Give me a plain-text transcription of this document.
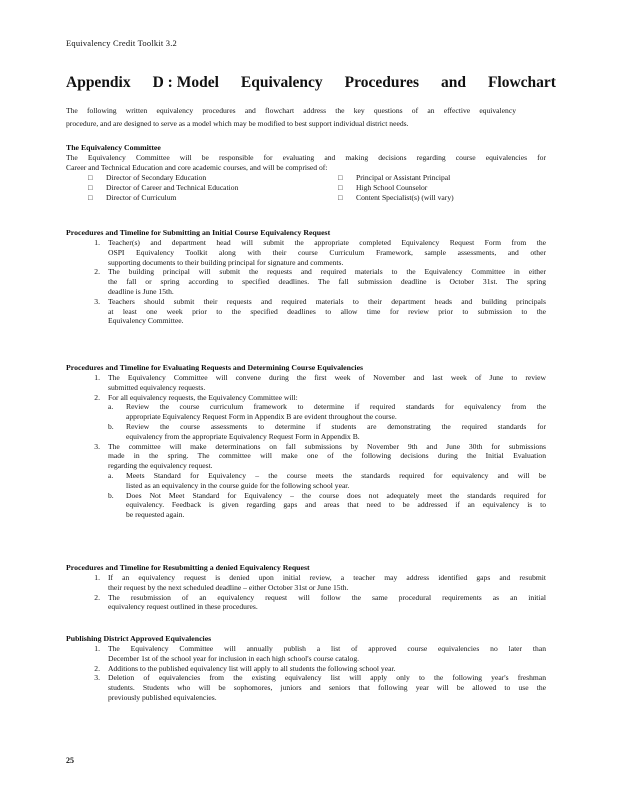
Equivalency Credit Toolkit 3.2
Appendix D : Model Equivalency Procedures and Flowchart
The following written equivalency procedures and flowchart address the key questions of an effective equivalency
procedure, and are designed to serve as a model which may be modified to best support individual district needs.
The Equivalency Committee
The Equivalency Committee will be responsible for evaluating and making decisions regarding course equivalencies for
Career and Technical Education and core academic courses, and will be comprised of:
□	Director of Secondary Education	□	Principal or Assistant Principal
□	Director of Career and Technical Education	□	High School Counselor
□	Director of Curriculum	□	Content Specialist(s) (will vary)
Procedures and Timeline for Submitting an Initial Course Equivalency Request
1.	Teacher(s) and department head will submit the appropriate completed Equivalency Request Form from the
OSPI Equivalency Toolkit along with their course Curriculum Framework, sample assessments, and other
supporting documents to their building principal for signature and comments.
2.	The building principal will submit the requests and required materials to the Equivalency Committee in either
the fall or spring according to specified deadlines. The fall submission deadline is October 31st. The spring
deadline is June 15th.
3.	Teachers should submit their requests and required materials to their department heads and building principals
at least one week prior to the specified deadlines to allow time for review prior to submission to the
Equivalency Committee.
Procedures and Timeline for Evaluating Requests and Determining Course Equivalencies
1.	The Equivalency Committee will convene during the first week of November and last week of June to review
submitted equivalency requests.
2.	For all equivalency requests, the Equivalency Committee will:
a.	Review the course curriculum framework to determine if required standards for equivalency from the
appropriate Equivalency Request Form in Appendix B are evident throughout the course.
b.	Review the course assessments to determine if students are demonstrating the required standards for
equivalency from the appropriate Equivalency Request Form in Appendix B.
3.	The committee will make determinations on fall submissions by November 9th and June 30th for submissions
made in the spring. The committee will make one of the following decisions during the Initial Evaluation
regarding the equivalency request.
a.	Meets Standard for Equivalency – the course meets the standards required for equivalency and will be
listed as an equivalency in the course guide for the following school year.
b.	Does Not Meet Standard for Equivalency – the course does not adequately meet the standards required for
equivalency. Feedback is given regarding gaps and areas that need to be addressed if an equivalency is to
be requested again.
Procedures and Timeline for Resubmitting a denied Equivalency Request
1.	If an equivalency request is denied upon initial review, a teacher may address identified gaps and resubmit
their request by the next scheduled deadline – either October 31st or June 15th.
2.	The resubmission of an equivalency request will follow the same procedural requirements as an initial
equivalency request outlined in these procedures.
Publishing District Approved Equivalencies
1.	The Equivalency Committee will annually publish a list of approved course equivalencies no later than
December 1st of the school year for inclusion in each high school's course catalog.
2.	Additions to the published equivalency list will apply to all students the following school year.
3.	Deletion of equivalencies from the existing equivalency list will apply only to the following year's freshman
students. Students who will be sophomores, juniors and seniors that following year will be allowed to use the
previously published equivalencies.
25
